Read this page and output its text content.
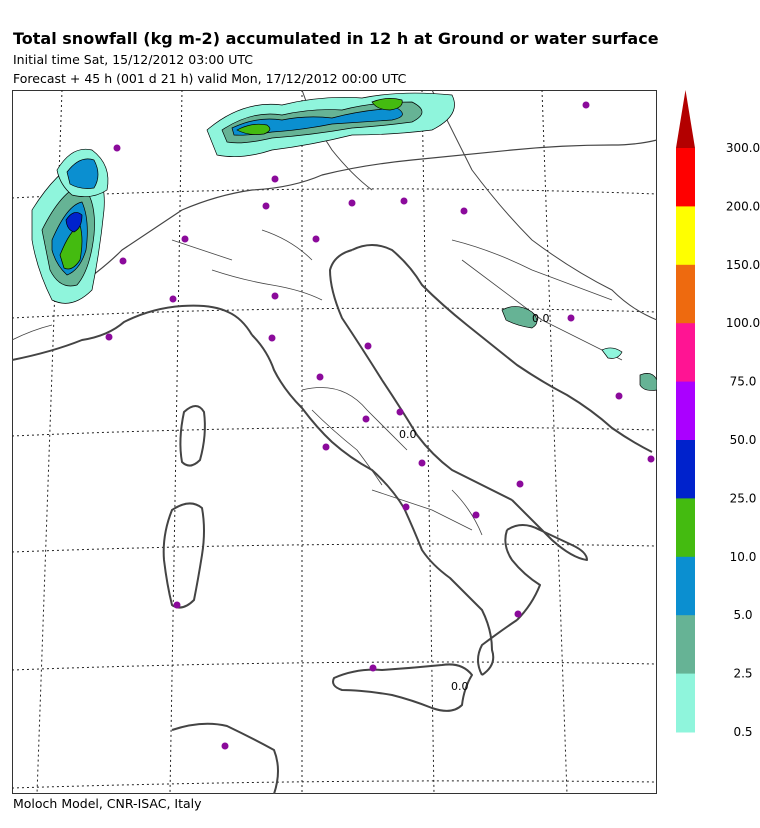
Total snowfall (kg m-2) accumulated in 12 h at Ground or water surface
Initial time Sat, 15/12/2012 03:00 UTC
Forecast + 45 h (001 d 21 h) valid Mon, 17/12/2012 00:00 UTC
0.0
0.0
0.0
300.0
200.0
150.0
100.0
75.0
50.0
25.0
10.0
5.0
2.5
0.5
Moloch Model, CNR-ISAC, Italy
